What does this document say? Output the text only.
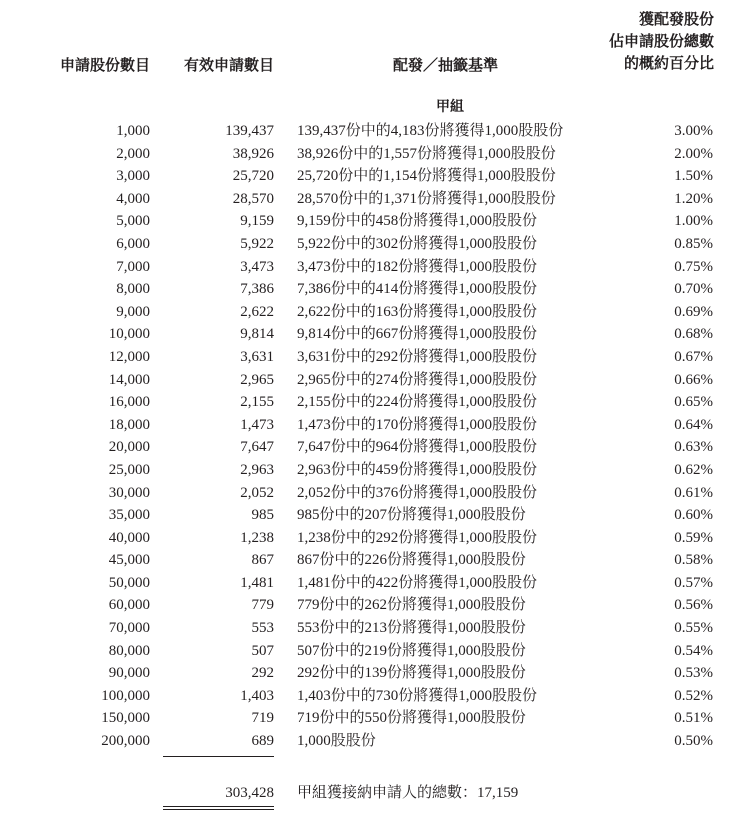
申請股份數目 有效申請數目	配發／抽籤基準
獲配發股份
佔申請股份總數
的概約百分比
甲組
1,000	139,437 139,437份中的4,183份將獲得1,000股股份	3.00%
2,000	38,926 38,926份中的1,557份將獲得1,000股股份	2.00%
3,000	25,720 25,720份中的1,154份將獲得1,000股股份	1.50%
4,000	28,570 28,570份中的1,371份將獲得1,000股股份	1.20%
5,000	9,159 9,159份中的458份將獲得1,000股股份	1.00%
6,000	5,922 5,922份中的302份將獲得1,000股股份	0.85%
7,000	3,473 3,473份中的182份將獲得1,000股股份	0.75%
8,000	7,386 7,386份中的414份將獲得1,000股股份	0.70%
9,000	2,622 2,622份中的163份將獲得1,000股股份	0.69%
10,000	9,814 9,814份中的667份將獲得1,000股股份	0.68%
12,000	3,631 3,631份中的292份將獲得1,000股股份	0.67%
14,000	2,965 2,965份中的274份將獲得1,000股股份	0.66%
16,000	2,155 2,155份中的224份將獲得1,000股股份	0.65%
18,000	1,473 1,473份中的170份將獲得1,000股股份	0.64%
20,000	7,647 7,647份中的964份將獲得1,000股股份	0.63%
25,000	2,963 2,963份中的459份將獲得1,000股股份	0.62%
30,000	2,052 2,052份中的376份將獲得1,000股股份	0.61%
35,000	985 985份中的207份將獲得1,000股股份	0.60%
40,000	1,238 1,238份中的292份將獲得1,000股股份	0.59%
45,000	867 867份中的226份將獲得1,000股股份	0.58%
50,000	1,481 1,481份中的422份將獲得1,000股股份	0.57%
60,000	779 779份中的262份將獲得1,000股股份	0.56%
70,000	553 553份中的213份將獲得1,000股股份	0.55%
80,000	507 507份中的219份將獲得1,000股股份	0.54%
90,000	292 292份中的139份將獲得1,000股股份	0.53%
100,000	1,403 1,403份中的730份將獲得1,000股股份	0.52%
150,000	719 719份中的550份將獲得1,000股股份	0.51%
200,000	689 1,000股股份	0.50%
303,428 甲組獲接納申請人的總數：17,159
